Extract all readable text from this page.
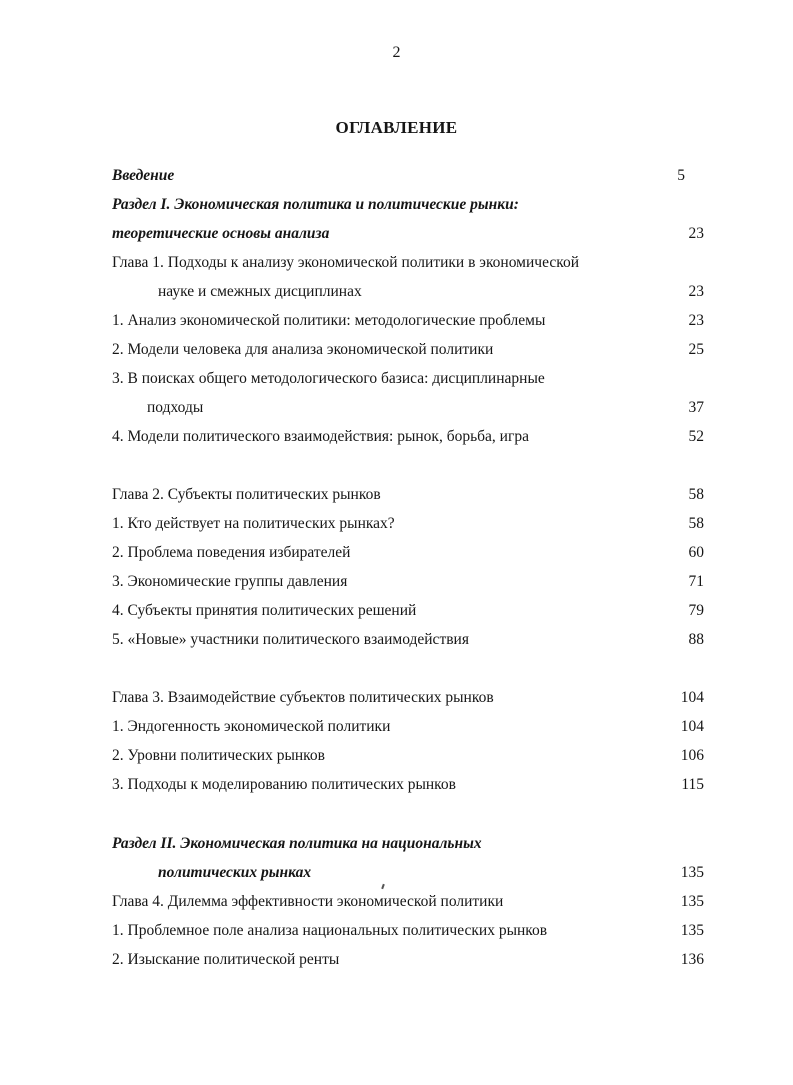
2
ОГЛАВЛЕНИЕ
Введение	5
Раздел I. Экономическая политика и политические рынки:
теоретические основы анализа	23
Глава 1. Подходы к анализу экономической политики в экономической
науке и смежных дисциплинах	23
1. Анализ экономической политики: методологические проблемы	23
2. Модели человека для анализа экономической политики	25
3. В поисках общего методологического базиса: дисциплинарные
подходы	37
4. Модели политического взаимодействия: рынок, борьба, игра	52
Глава 2. Субъекты политических рынков	58
1. Кто действует на политических рынках?	58
2. Проблема поведения избирателей	60
3. Экономические группы давления	71
4. Субъекты принятия политических решений	79
5. «Новые» участники политического взаимодействия	88
Глава 3. Взаимодействие субъектов политических рынков	104
1. Эндогенность экономической политики	104
2. Уровни политических рынков	106
3. Подходы к моделированию политических рынков	115
Раздел II. Экономическая политика на национальных
политических рынках	135
Глава 4. Дилемма эффективности экономической политики	135
1. Проблемное поле анализа национальных политических рынков	135
2. Изыскание политической ренты	136
